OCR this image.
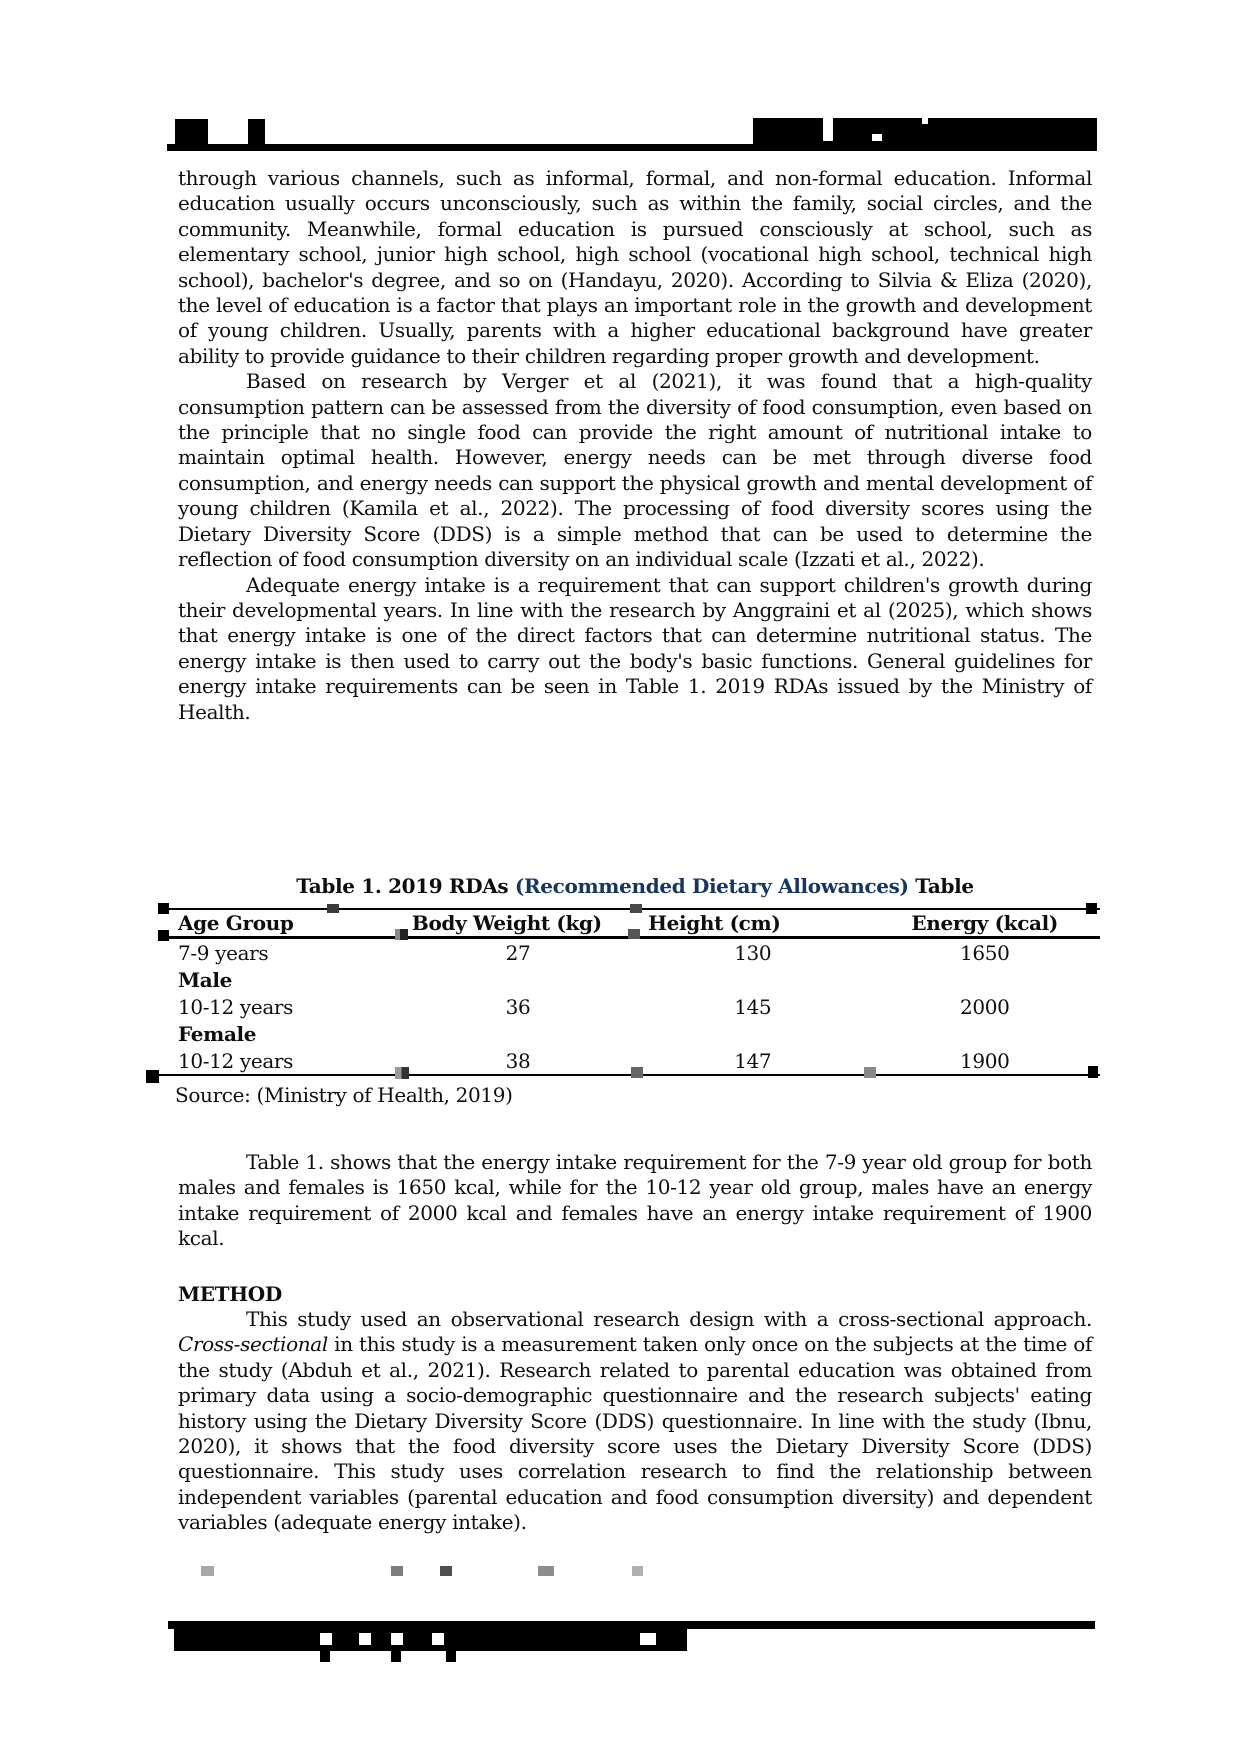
through various channels, such as informal, formal, and non-formal education. Informal education usually occurs unconsciously, such as within the family, social circles, and the community. Meanwhile, formal education is pursued consciously at school, such as elementary school, junior high school, high school (vocational high school, technical high school), bachelor's degree, and so on (Handayu, 2020). According to Silvia & Eliza (2020), the level of education is a factor that plays an important role in the growth and development of young children. Usually, parents with a higher educational background have greater ability to provide guidance to their children regarding proper growth and development.

Based on research by Verger et al (2021), it was found that a high-quality consumption pattern can be assessed from the diversity of food consumption, even based on the principle that no single food can provide the right amount of nutritional intake to maintain optimal health. However, energy needs can be met through diverse food consumption, and energy needs can support the physical growth and mental development of young children (Kamila et al., 2022). The processing of food diversity scores using the Dietary Diversity Score (DDS) is a simple method that can be used to determine the reflection of food consumption diversity on an individual scale (Izzati et al., 2022).

Adequate energy intake is a requirement that can support children's growth during their developmental years. In line with the research by Anggraini et al (2025), which shows that energy intake is one of the direct factors that can determine nutritional status. The energy intake is then used to carry out the body's basic functions. General guidelines for energy intake requirements can be seen in Table 1. 2019 RDAs issued by the Ministry of Health.

Table 1. 2019 RDAs (Recommended Dietary Allowances) Table
Age Group	Body Weight (kg)	Height (cm)	Energy (kcal)
7-9 years	27	130	1650
Male
10-12 years	36	145	2000
Female
10-12 years	38	147	1900
Source: (Ministry of Health, 2019)

Table 1. shows that the energy intake requirement for the 7-9 year old group for both males and females is 1650 kcal, while for the 10-12 year old group, males have an energy intake requirement of 2000 kcal and females have an energy intake requirement of 1900 kcal.

METHOD

This study used an observational research design with a cross-sectional approach. Cross-sectional in this study is a measurement taken only once on the subjects at the time of the study (Abduh et al., 2021). Research related to parental education was obtained from primary data using a socio-demographic questionnaire and the research subjects' eating history using the Dietary Diversity Score (DDS) questionnaire. In line with the study (Ibnu, 2020), it shows that the food diversity score uses the Dietary Diversity Score (DDS) questionnaire. This study uses correlation research to find the relationship between independent variables (parental education and food consumption diversity) and dependent variables (adequate energy intake).
